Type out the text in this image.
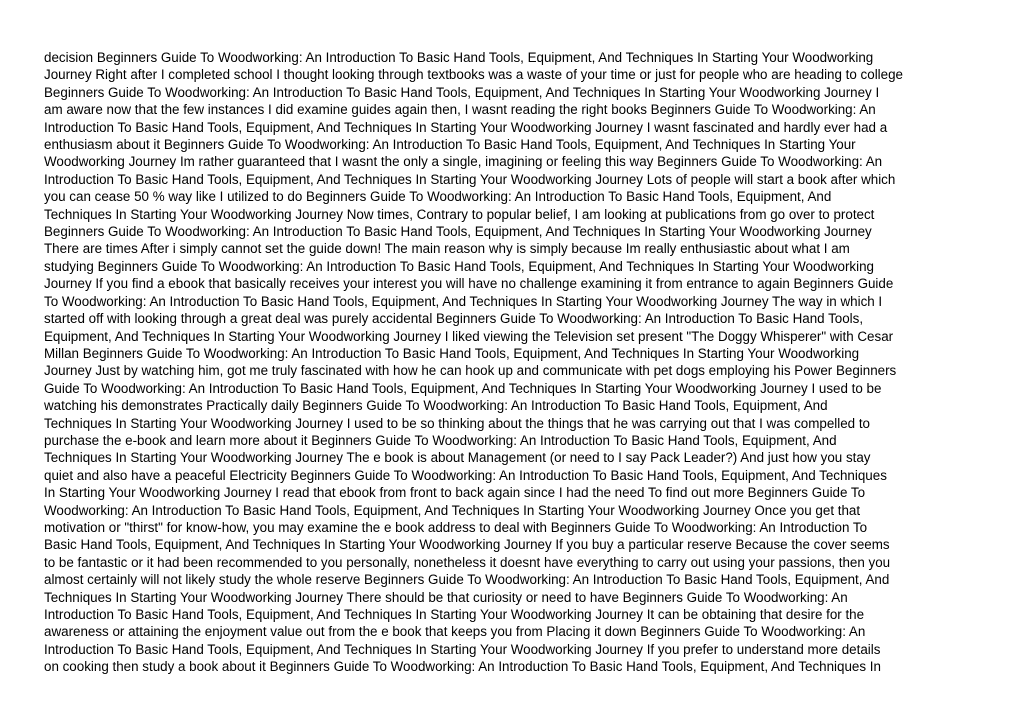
decision Beginners Guide To Woodworking: An Introduction To Basic Hand Tools, Equipment, And Techniques In Starting Your Woodworking
Journey Right after I completed school I thought looking through textbooks was a waste of your time or just for people who are heading to college
Beginners Guide To Woodworking: An Introduction To Basic Hand Tools, Equipment, And Techniques In Starting Your Woodworking Journey I
am aware now that the few instances I did examine guides again then, I wasnt reading the right books Beginners Guide To Woodworking: An
Introduction To Basic Hand Tools, Equipment, And Techniques In Starting Your Woodworking Journey I wasnt fascinated and hardly ever had a
enthusiasm about it Beginners Guide To Woodworking: An Introduction To Basic Hand Tools, Equipment, And Techniques In Starting Your
Woodworking Journey Im rather guaranteed that I wasnt the only a single, imagining or feeling this way Beginners Guide To Woodworking: An
Introduction To Basic Hand Tools, Equipment, And Techniques In Starting Your Woodworking Journey Lots of people will start a book after which
you can cease 50 % way like I utilized to do Beginners Guide To Woodworking: An Introduction To Basic Hand Tools, Equipment, And
Techniques In Starting Your Woodworking Journey Now times, Contrary to popular belief, I am looking at publications from go over to protect
Beginners Guide To Woodworking: An Introduction To Basic Hand Tools, Equipment, And Techniques In Starting Your Woodworking Journey
There are times After i simply cannot set the guide down! The main reason why is simply because Im really enthusiastic about what I am
studying Beginners Guide To Woodworking: An Introduction To Basic Hand Tools, Equipment, And Techniques In Starting Your Woodworking
Journey If you find a ebook that basically receives your interest you will have no challenge examining it from entrance to again Beginners Guide
To Woodworking: An Introduction To Basic Hand Tools, Equipment, And Techniques In Starting Your Woodworking Journey The way in which I
started off with looking through a great deal was purely accidental Beginners Guide To Woodworking: An Introduction To Basic Hand Tools,
Equipment, And Techniques In Starting Your Woodworking Journey I liked viewing the Television set present "The Doggy Whisperer" with Cesar
Millan Beginners Guide To Woodworking: An Introduction To Basic Hand Tools, Equipment, And Techniques In Starting Your Woodworking
Journey Just by watching him, got me truly fascinated with how he can hook up and communicate with pet dogs employing his Power Beginners
Guide To Woodworking: An Introduction To Basic Hand Tools, Equipment, And Techniques In Starting Your Woodworking Journey I used to be
watching his demonstrates Practically daily Beginners Guide To Woodworking: An Introduction To Basic Hand Tools, Equipment, And
Techniques In Starting Your Woodworking Journey I used to be so thinking about the things that he was carrying out that I was compelled to
purchase the e-book and learn more about it Beginners Guide To Woodworking: An Introduction To Basic Hand Tools, Equipment, And
Techniques In Starting Your Woodworking Journey The e book is about Management (or need to I say Pack Leader?) And just how you stay
quiet and also have a peaceful Electricity Beginners Guide To Woodworking: An Introduction To Basic Hand Tools, Equipment, And Techniques
In Starting Your Woodworking Journey I read that ebook from front to back again since I had the need To find out more Beginners Guide To
Woodworking: An Introduction To Basic Hand Tools, Equipment, And Techniques In Starting Your Woodworking Journey Once you get that
motivation or "thirst" for know-how, you may examine the e book address to deal with Beginners Guide To Woodworking: An Introduction To
Basic Hand Tools, Equipment, And Techniques In Starting Your Woodworking Journey If you buy a particular reserve Because the cover seems
to be fantastic or it had been recommended to you personally, nonetheless it doesnt have everything to carry out using your passions, then you
almost certainly will not likely study the whole reserve Beginners Guide To Woodworking: An Introduction To Basic Hand Tools, Equipment, And
Techniques In Starting Your Woodworking Journey There should be that curiosity or need to have Beginners Guide To Woodworking: An
Introduction To Basic Hand Tools, Equipment, And Techniques In Starting Your Woodworking Journey It can be obtaining that desire for the
awareness or attaining the enjoyment value out from the e book that keeps you from Placing it down Beginners Guide To Woodworking: An
Introduction To Basic Hand Tools, Equipment, And Techniques In Starting Your Woodworking Journey If you prefer to understand more details
on cooking then study a book about it Beginners Guide To Woodworking: An Introduction To Basic Hand Tools, Equipment, And Techniques In
